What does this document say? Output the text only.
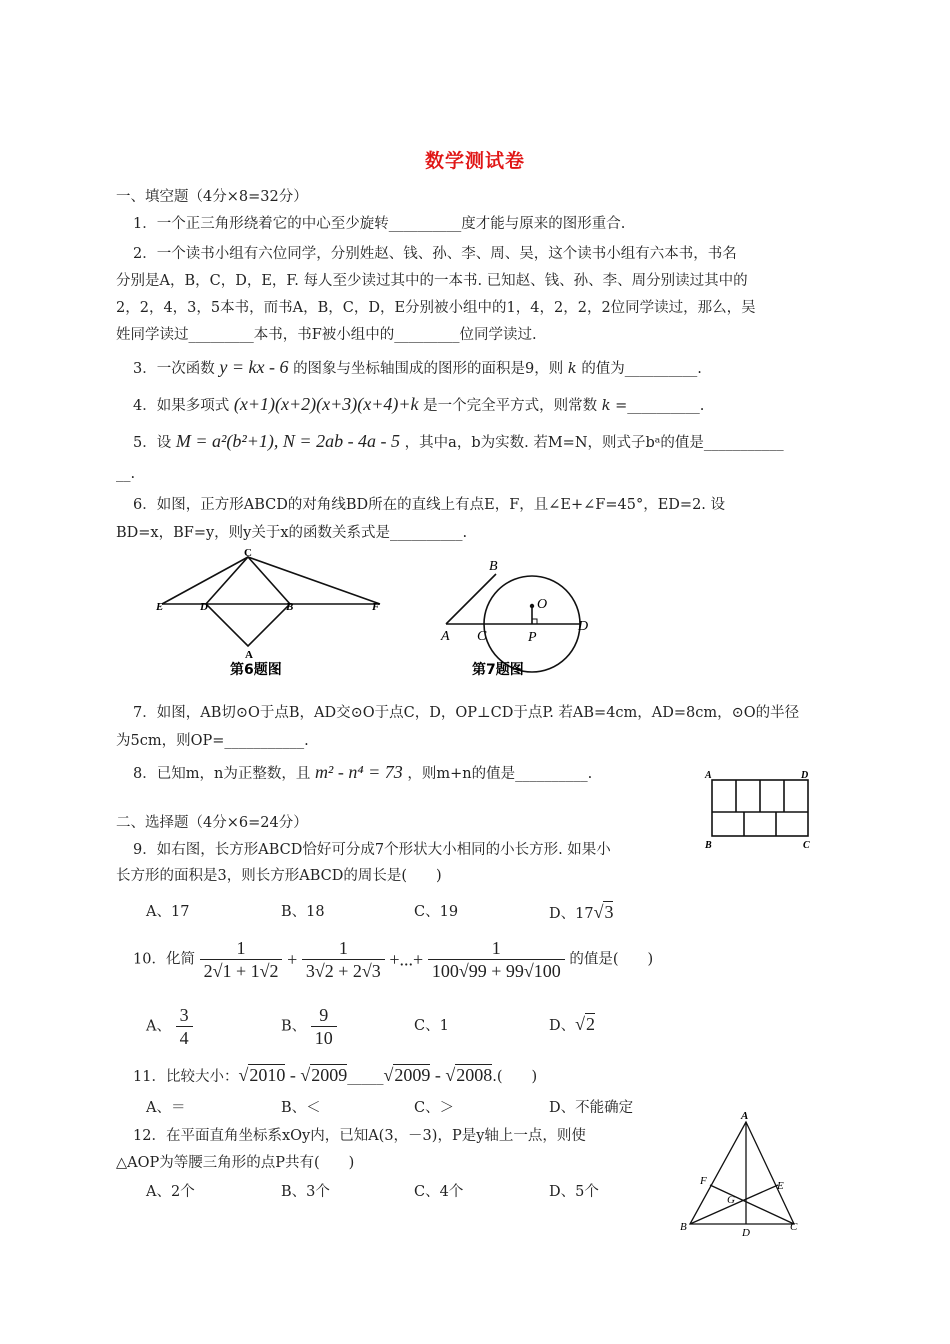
数学测试卷
一、填空题（4分×8=32分）
1．一个正三角形绕着它的中心至少旋转__________度才能与原来的图形重合.
2．一个读书小组有六位同学，分别姓赵、钱、孙、李、周、吴，这个读书小组有六本书，书名
分别是A，B，C，D，E，F. 每人至少读过其中的一本书. 已知赵、钱、孙、李、周分别读过其中的
2，2，4，3，5本书，而书A，B，C，D，E分别被小组中的1，4，2，2，2位同学读过，那么，吴
姓同学读过_________本书，书F被小组中的_________位同学读过.
3．一次函数 y = kx - 6 的图象与坐标轴围成的图形的面积是9，则 k 的值为__________.
4．如果多项式 (x+1)(x+2)(x+3)(x+4)+k 是一个完全平方式，则常数 k =__________.
5．设 M = a²(b²+1), N = 2ab - 4a - 5 ，其中a，b为实数. 若M=N，则式子bᵃ的值是___________
__.
6．如图，正方形ABCD的对角线BD所在的直线上有点E，F，且∠E+∠F=45°，ED=2. 设
BD=x，BF=y，则y关于x的函数关系式是__________.
C
E	D	B	F
A
第6题图
B
O
A C	P
D
第7题图
7．如图，AB切⊙O于点B，AD交⊙O于点C，D，OP⊥CD于点P. 若AB=4cm，AD=8cm，⊙O的半径
为5cm，则OP=___________.
8．已知m，n为正整数，且 m² - n⁴ = 73 ，则m+n的值是__________.	A	D
B	C
二、选择题（4分×6=24分）
9．如右图，长方形ABCD恰好可分成7个形状大小相同的小长方形. 如果小
长方形的面积是3，则长方形ABCD的周长是(　　)
A、17	B、18	C、19	D、17√3
10．化简 $\frac{1}{2√1 + 1√2} + \frac{1}{3√2 + 2√3}$ +...+ $\frac{1}{100√99 + 99√100}$ 的值是(　　)
A、 $\frac{3}{4}$	B、 $\frac{9}{10}$	C、1	D、√2
11．比较大小：√2010 - √2009_____√2009 - √2008.(　　)
A、＝	B、＜	C、＞	D、不能确定
12．在平面直角坐标系xOy内，已知A(3，－3)，P是y轴上一点，则使
△AOP为等腰三角形的点P共有(　　)
A、2个	B、3个	C、4个	D、5个
A
F	E
G
B	D	C
